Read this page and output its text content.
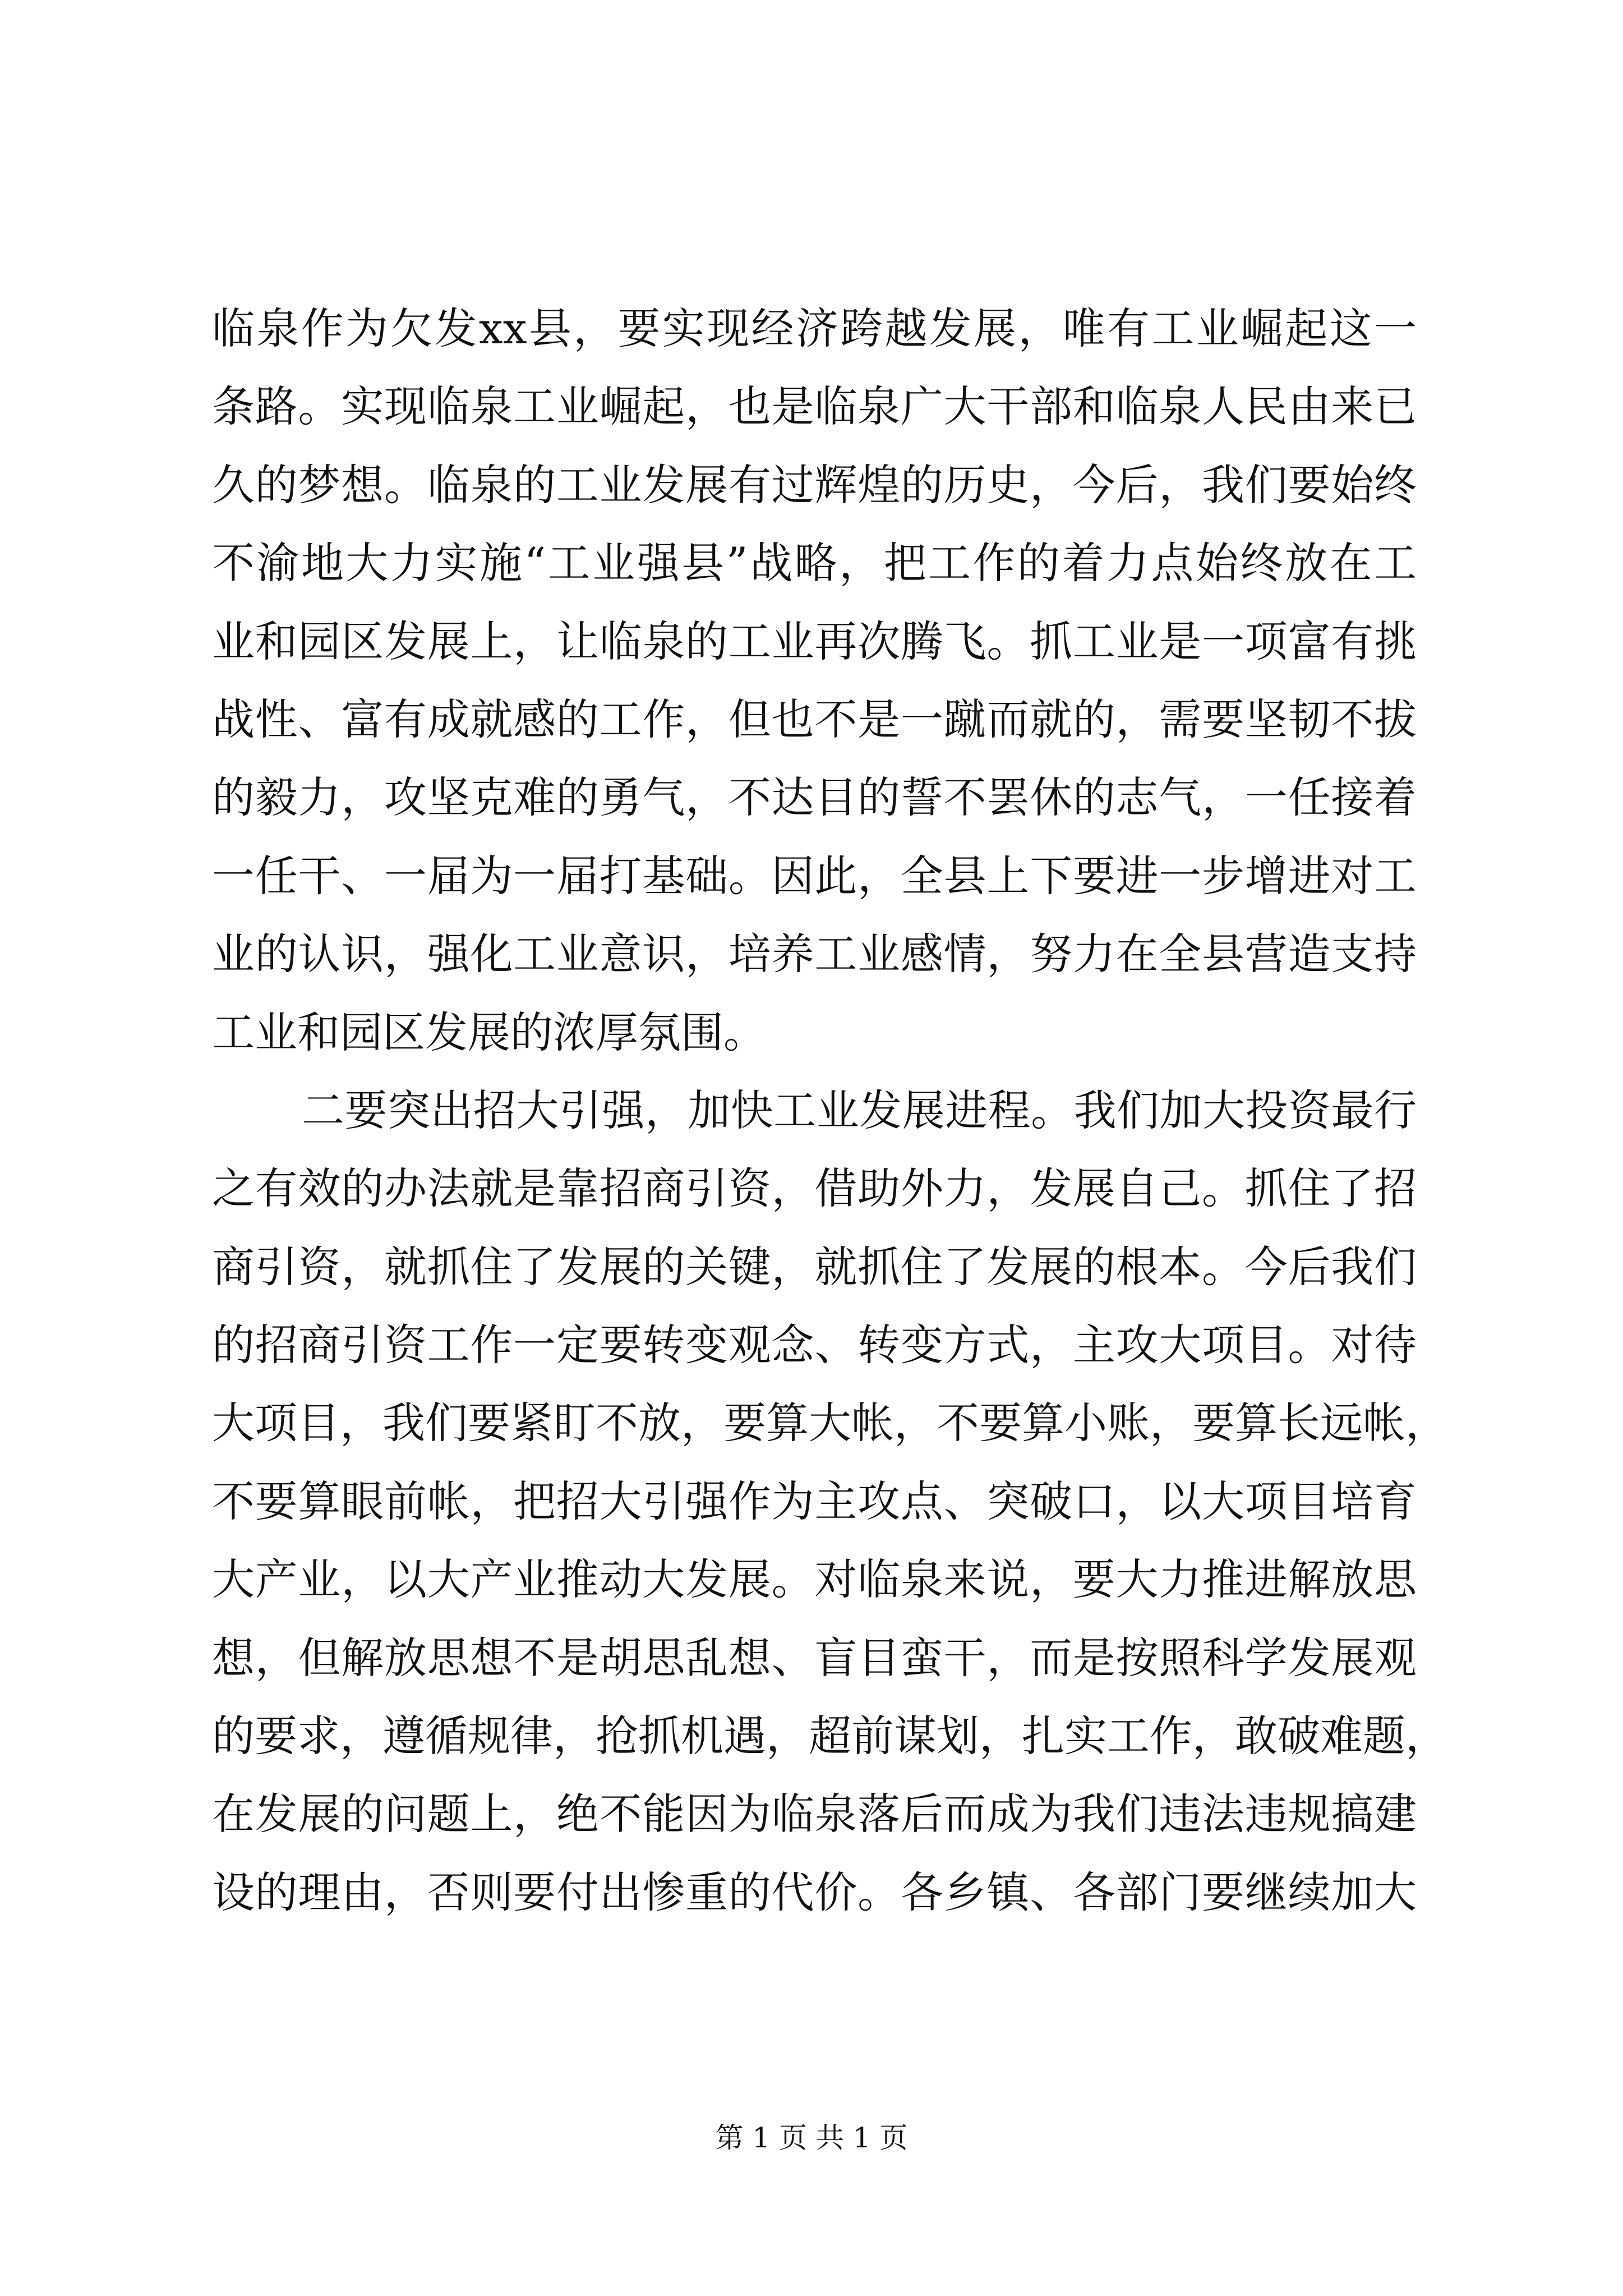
临泉作为欠发xx县，要实现经济跨越发展，唯有工业崛起这一
条路。实现临泉工业崛起，也是临泉广大干部和临泉人民由来已
久的梦想。临泉的工业发展有过辉煌的历史，今后，我们要始终
不渝地大力实施“工业强县”战略，把工作的着力点始终放在工
业和园区发展上，让临泉的工业再次腾飞。抓工业是一项富有挑
战性、富有成就感的工作，但也不是一蹴而就的，需要坚韧不拔
的毅力，攻坚克难的勇气，不达目的誓不罢休的志气，一任接着
一任干、一届为一届打基础。因此，全县上下要进一步增进对工
业的认识，强化工业意识，培养工业感情，努力在全县营造支持
工业和园区发展的浓厚氛围。
二要突出招大引强，加快工业发展进程。我们加大投资最行
之有效的办法就是靠招商引资，借助外力，发展自己。抓住了招
商引资，就抓住了发展的关键，就抓住了发展的根本。今后我们
的招商引资工作一定要转变观念、转变方式，主攻大项目。对待
大项目，我们要紧盯不放，要算大帐，不要算小账，要算长远帐，
不要算眼前帐，把招大引强作为主攻点、突破口，以大项目培育
大产业，以大产业推动大发展。对临泉来说，要大力推进解放思
想，但解放思想不是胡思乱想、盲目蛮干，而是按照科学发展观
的要求，遵循规律，抢抓机遇，超前谋划，扎实工作，敢破难题，
在发展的问题上，绝不能因为临泉落后而成为我们违法违规搞建
设的理由，否则要付出惨重的代价。各乡镇、各部门要继续加大
第 1 页 共 1 页
